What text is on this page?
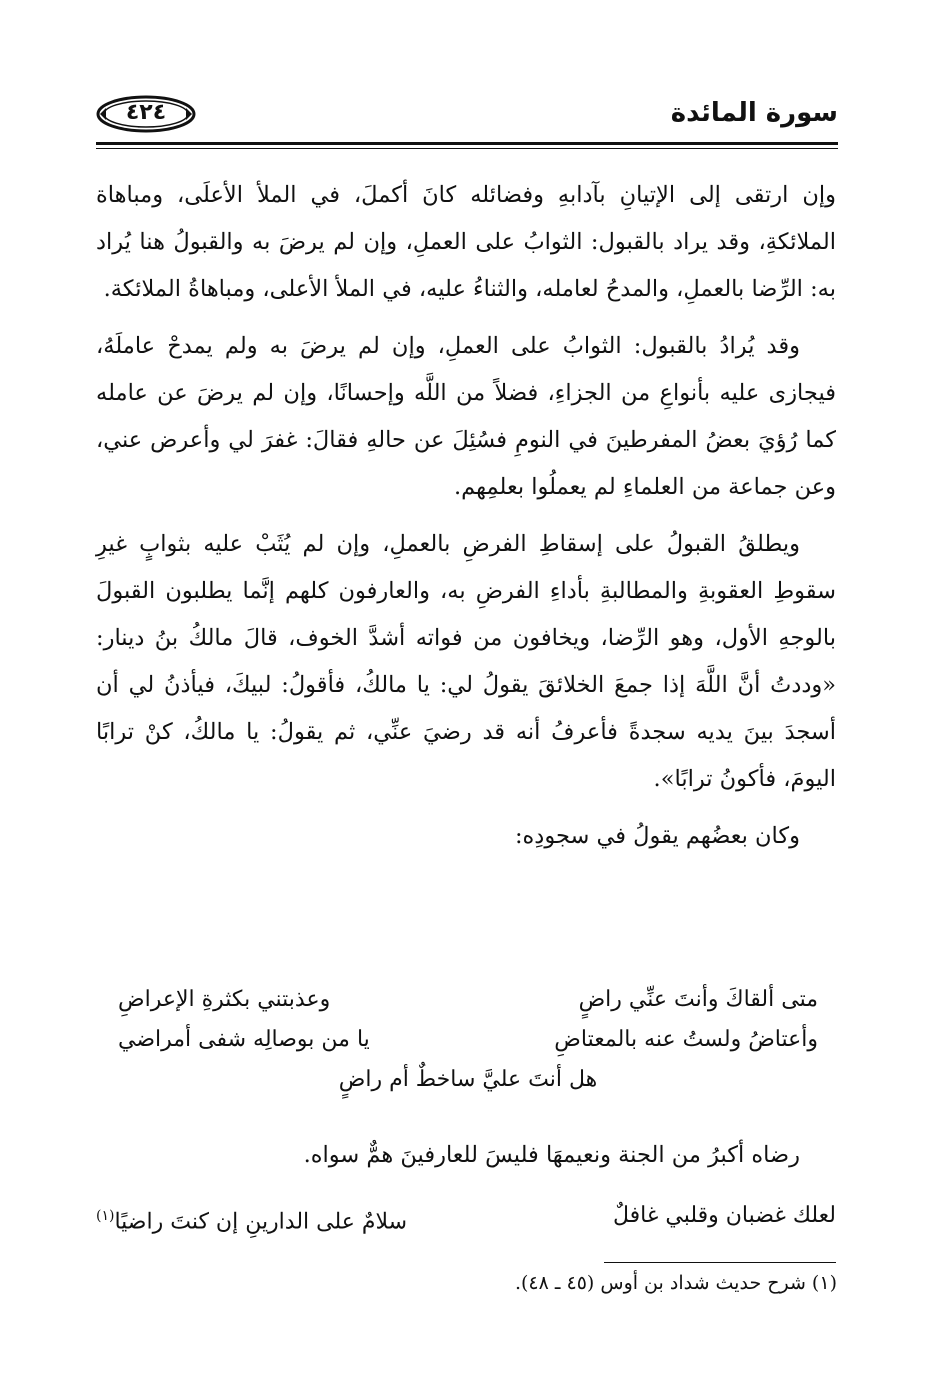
سورة المائدة
٤٢٤

وإن ارتقى إلى الإتيانِ بآدابهِ وفضائله كانَ أكملَ، في الملأ الأعلَى، ومباهاة الملائكةِ، وقد يراد بالقبول: الثوابُ على العملِ، وإن لم يرضَ به والقبولُ هنا يُراد به: الرِّضا بالعملِ، والمدحُ لعامله، والثناءُ عليه، في الملأ الأعلى، ومباهاةُ الملائكة.

وقد يُرادُ بالقبول: الثوابُ على العملِ، وإن لم يرضَ به ولم يمدحْ عاملَهُ، فيجازى عليه بأنواعِ من الجزاءِ، فضلاً من اللَّه وإحسانًا، وإن لم يرضَ عن عامله كما رُؤيَ بعضُ المفرطينَ في النومِ فسُئِلَ عن حالهِ فقالَ: غفرَ لي وأعرض عني، وعن جماعة من العلماءِ لم يعملُوا بعلمِهم.

ويطلقُ القبولُ على إسقاطِ الفرضِ بالعملِ، وإن لم يُثَبْ عليه بثوابٍ غيرِ سقوطِ العقوبةِ والمطالبةِ بأداءِ الفرضِ به، والعارفون كلهم إنَّما يطلبون القبولَ بالوجهِ الأول، وهو الرِّضا، ويخافون من فواته أشدَّ الخوف، قالَ مالكُ بنُ دينار: «وددتُ أنَّ اللَّهَ إذا جمعَ الخلائقَ يقولُ لي: يا مالكُ، فأقولُ: لبيكَ، فيأذنُ لي أن أسجدَ بينَ يديه سجدةً فأعرفُ أنه قد رضيَ عنِّي، ثم يقولُ: يا مالكُ، كنْ ترابًا اليومَ، فأكونُ ترابًا».

وكان بعضُهم يقولُ في سجودِه:

متى ألقاكَ وأنتَ عنِّي راضٍ
وعذبتني بكثرةِ الإعراضِ
وأعتاضُ ولستُ عنه بالمعتاضِ
يا من بوصالِه شفى أمراضي
هل أنتَ عليَّ ساخطٌ أم راضٍ

رضاه أكبرُ من الجنة ونعيمهَا فليسَ للعارفينَ همٌّ سواه.

لعلك غضبان وقلبي غافلٌ
سلامٌ على الدارينِ إن كنتَ راضيًا$^{(١)}$
(١) شرح حديث شداد بن أوس (٤٥ ـ ٤٨).
